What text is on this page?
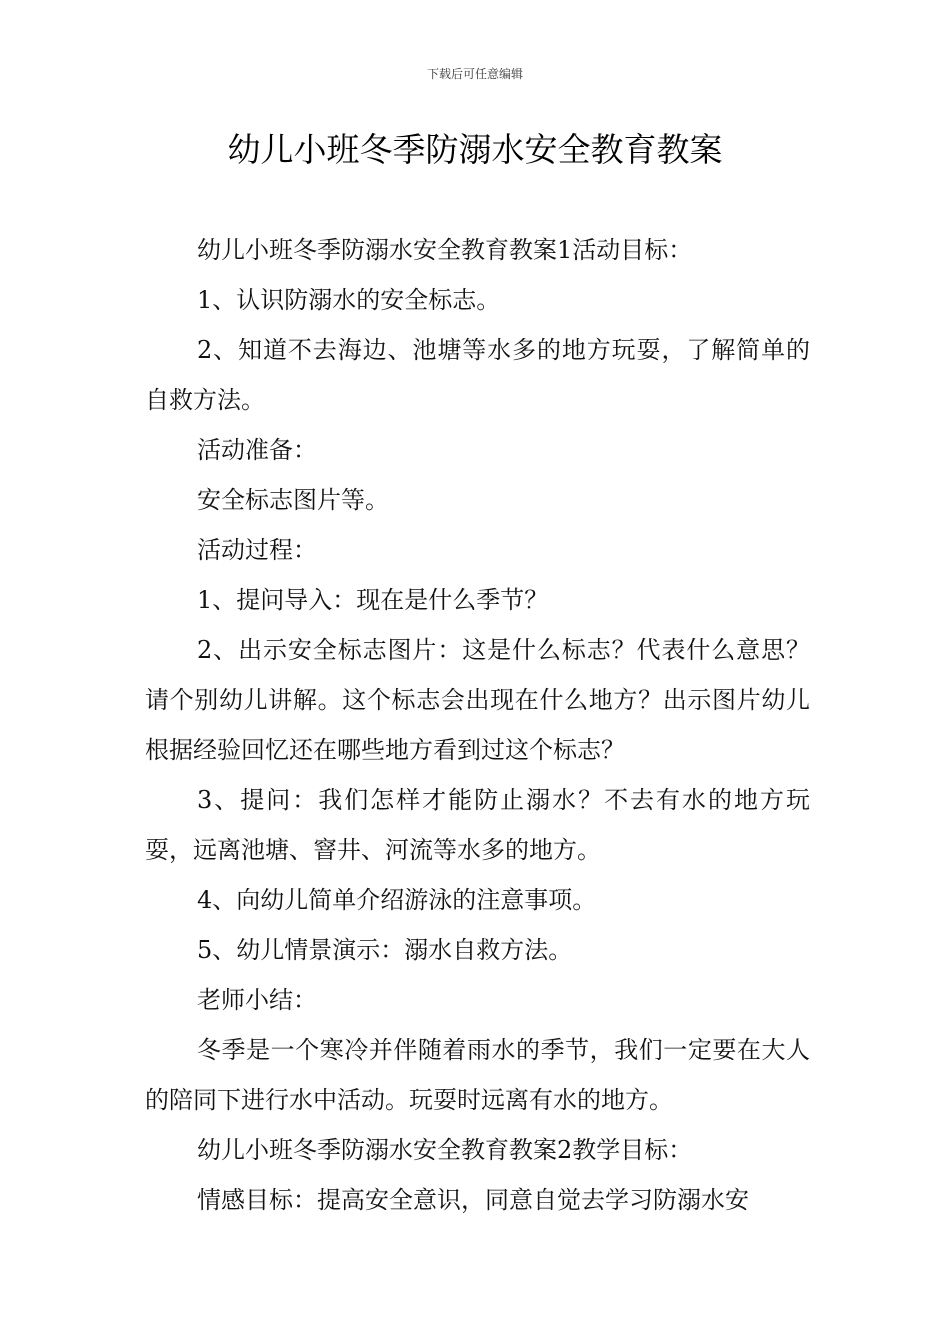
下载后可任意编辑
幼儿小班冬季防溺水安全教育教案

幼儿小班冬季防溺水安全教育教案1活动目标：

1、认识防溺水的安全标志。

2、知道不去海边、池塘等水多的地方玩耍，了解简单的自救方法。

活动准备：

安全标志图片等。

活动过程：

1、提问导入：现在是什么季节？

2、出示安全标志图片：这是什么标志？代表什么意思？请个别幼儿讲解。这个标志会出现在什么地方？出示图片幼儿根据经验回忆还在哪些地方看到过这个标志？

3、提问：我们怎样才能防止溺水？不去有水的地方玩耍，远离池塘、窨井、河流等水多的地方。

4、向幼儿简单介绍游泳的注意事项。

5、幼儿情景演示：溺水自救方法。

老师小结：

冬季是一个寒冷并伴随着雨水的季节，我们一定要在大人的陪同下进行水中活动。玩耍时远离有水的地方。

幼儿小班冬季防溺水安全教育教案2教学目标：

情感目标：提高安全意识，同意自觉去学习防溺水安
